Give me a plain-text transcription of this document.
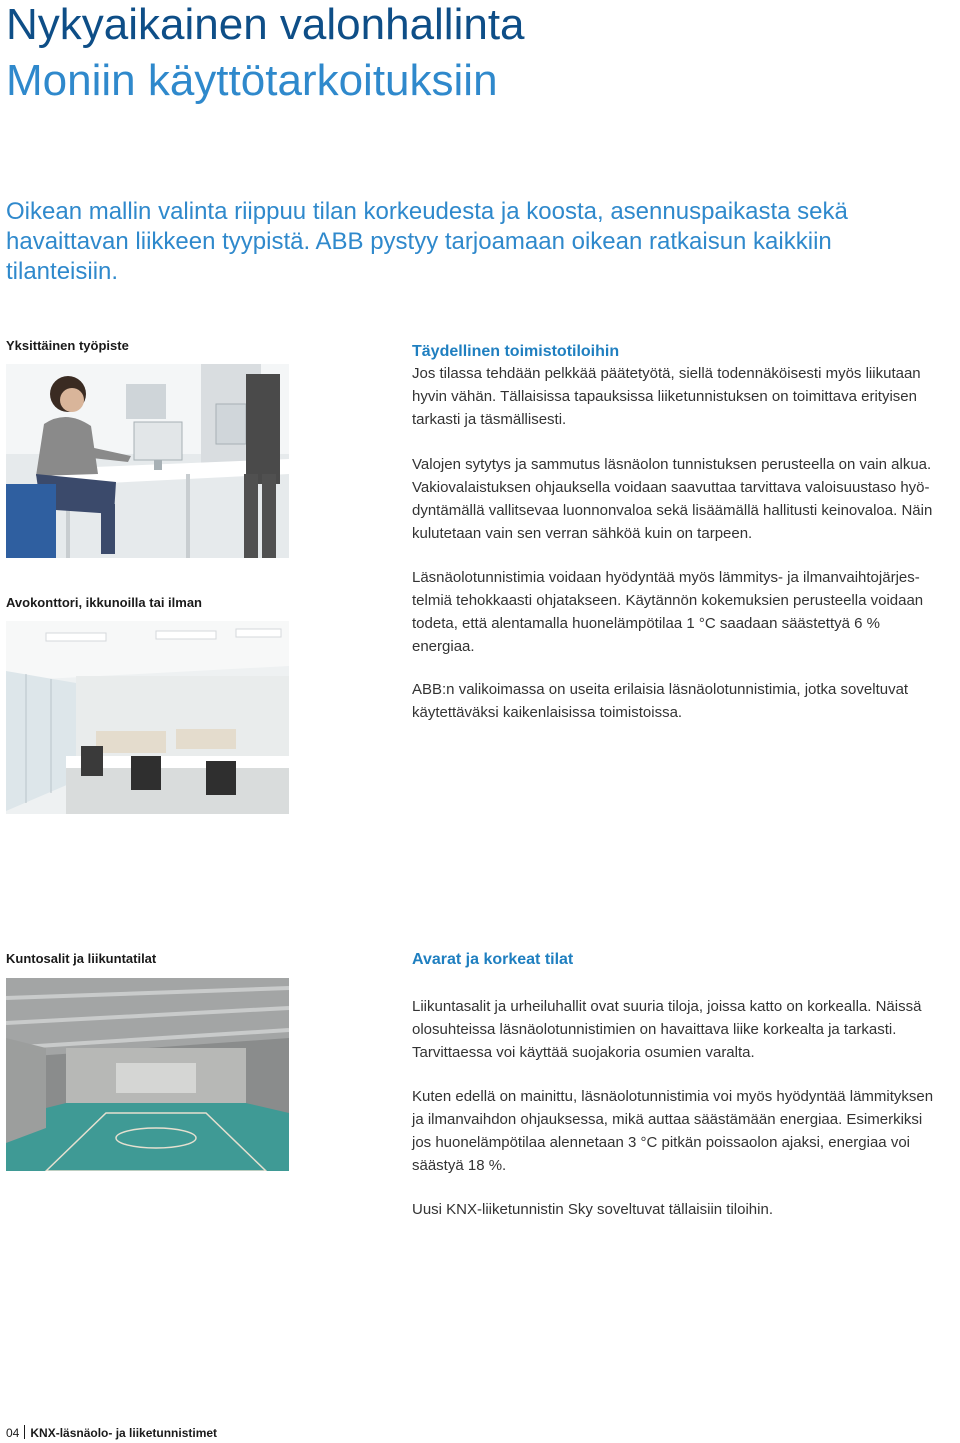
Nykyaikainen valonhallinta
Moniin käyttötarkoituksiin
Oikean mallin valinta riippuu tilan korkeudesta ja koosta, asennuspaikasta sekä
havaittavan liikkeen tyypistä. ABB pystyy tarjoamaan oikean ratkaisun kaikkiin
tilanteisiin.
Yksittäinen työpiste
Avokonttori, ikkunoilla tai ilman
Kuntosalit ja liikuntatilat
Täydellinen toimistotiloihin
Jos tilassa tehdään pelkkää päätetyötä, siellä todennäköisesti myös liikutaan
hyvin vähän. Tällaisissa tapauksissa liiketunnistuksen on toimittava erityisen
tarkasti ja täsmällisesti.
Valojen sytytys ja sammutus läsnäolon tunnistuksen perusteella on vain alkua.
Vakiovalaistuksen ohjauksella voidaan saavuttaa tarvittava valoisuustaso hyö-
dyntämällä vallitsevaa luonnonvaloa sekä lisäämällä hallitusti keinovaloa. Näin
kulutetaan vain sen verran sähköä kuin on tarpeen.
Läsnäolotunnistimia voidaan hyödyntää myös lämmitys- ja ilmanvaihtojärjes-
telmiä tehokkaasti ohjatakseen. Käytännön kokemuksien perusteella voidaan
todeta, että alentamalla huonelämpötilaa 1 °C saadaan säästettyä 6 %
energiaa.
ABB:n valikoimassa on useita erilaisia läsnäolotunnistimia, jotka soveltuvat
käytettäväksi kaikenlaisissa toimistoissa.
Avarat ja korkeat tilat
Liikuntasalit ja urheiluhallit ovat suuria tiloja, joissa katto on korkealla. Näissä
olosuhteissa läsnäolotunnistimien on havaittava liike korkealta ja tarkasti.
Tarvittaessa voi käyttää suojakoria osumien varalta.
Kuten edellä on mainittu, läsnäolotunnistimia voi myös hyödyntää lämmityksen
ja ilmanvaihdon ohjauksessa, mikä auttaa säästämään energiaa. Esimerkiksi
jos huonelämpötilaa alennetaan 3 °C pitkän poissaolon ajaksi, energiaa voi
säästyä 18 %.
Uusi KNX-liiketunnistin Sky soveltuvat tällaisiin tiloihin.
04 KNX-läsnäolo- ja liiketunnistimet
